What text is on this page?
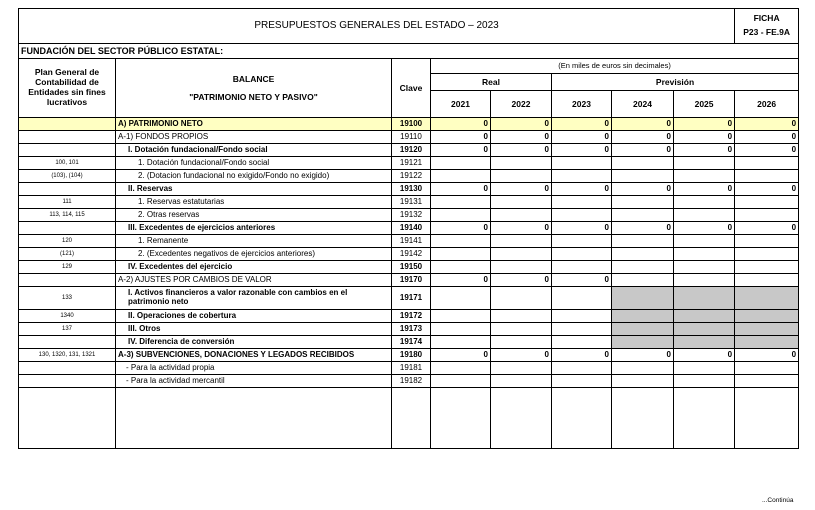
PRESUPUESTOS GENERALES DEL ESTADO – 2023								FICHA
P23 - FE.9A

FUNDACIÓN DEL SECTOR PÚBLICO ESTATAL:								
Plan General de Contabilidad de Entidades sin fines lucrativos	BALANCE
"PATRIMONIO NETO Y PASIVO"	Clave	(En miles de euros sin decimales)					
			Real		Previsión			
			2021	2022	2023	2024	2025	2026
	A) PATRIMONIO NETO	19100	0	0	0	0	0	0
	A-1) FONDOS PROPIOS	19110	0	0	0	0	0	0
	I. Dotación fundacional/Fondo social	19120	0	0	0	0	0	0
100, 101	1. Dotación fundacional/Fondo social	19121						
(103), (104)	2. (Dotacion fundacional no exigido/Fondo no exigido)	19122						
	II. Reservas	19130	0	0	0	0	0	0
111	1. Reservas estatutarias	19131						
113, 114, 115	2. Otras reservas	19132						
	III. Excedentes de ejercicios anteriores	19140	0	0	0	0	0	0
120	1. Remanente	19141						
(121)	2. (Excedentes negativos de ejercicios anteriores)	19142						
129	IV. Excedentes del ejercicio	19150						
	A-2) AJUSTES POR CAMBIOS DE VALOR	19170	0	0	0			
133	I. Activos financieros a valor razonable con cambios en el patrimonio neto	19171						
1340	II. Operaciones de cobertura	19172						
137	III. Otros	19173						
	IV. Diferencia de conversión	19174						
130, 1320, 131, 1321	A-3) SUBVENCIONES, DONACIONES Y LEGADOS RECIBIDOS	19180	0	0	0	0	0	0
	- Para la actividad propia	19181						
	- Para la actividad mercantil	19182						

...Continúa
